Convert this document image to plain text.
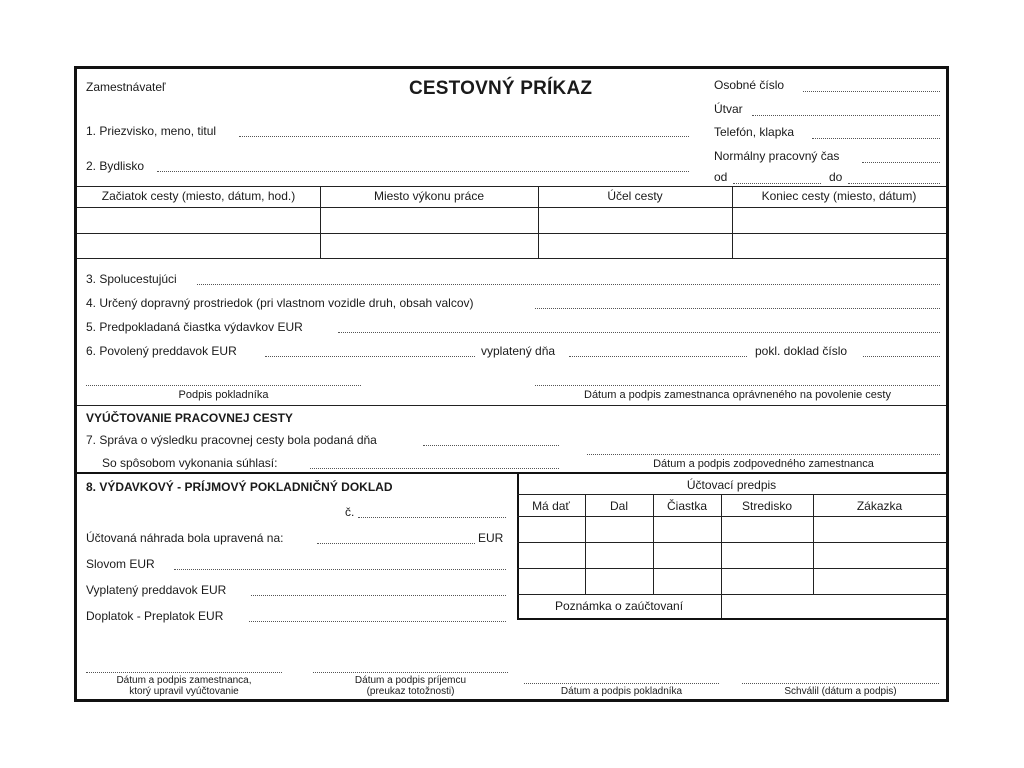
Zamestnávateľ	CESTOVNÝ PRÍKAZ	Osobné číslo
Útvar
Telefón, klapka
Normálny pracovný čas
od	do
1. Priezvisko, meno, titul
2. Bydlisko
Začiatok cesty (miesto, dátum, hod.)	Miesto výkonu práce	Účel cesty	Koniec cesty (miesto, dátum)
3. Spolucestujúci
4. Určený dopravný prostriedok (pri vlastnom vozidle druh, obsah valcov)
5. Predpokladaná čiastka výdavkov EUR
6. Povolený preddavok EUR	vyplatený dňa	pokl. doklad číslo
Podpis pokladníka	Dátum a podpis zamestnanca oprávneného na povolenie cesty
VYÚČTOVANIE PRACOVNEJ CESTY
7. Správa o výsledku pracovnej cesty bola podaná dňa
So spôsobom vykonania súhlasí:	Dátum a podpis zodpovedného zamestnanca
8. VÝDAVKOVÝ - PRÍJMOVÝ POKLADNIČNÝ DOKLAD
č.
Účtovaná náhrada bola upravená na:	EUR
Slovom EUR
Vyplatený preddavok EUR
Doplatok - Preplatok EUR
Účtovací predpis
Má dať	Dal	Čiastka	Stredisko	Zákazka
Poznámka o zaúčtovaní
Dátum a podpis zamestnanca,
ktorý upravil vyúčtovanie
Dátum a podpis príjemcu
(preukaz totožnosti)	Dátum a podpis pokladníka	Schválil (dátum a podpis)
